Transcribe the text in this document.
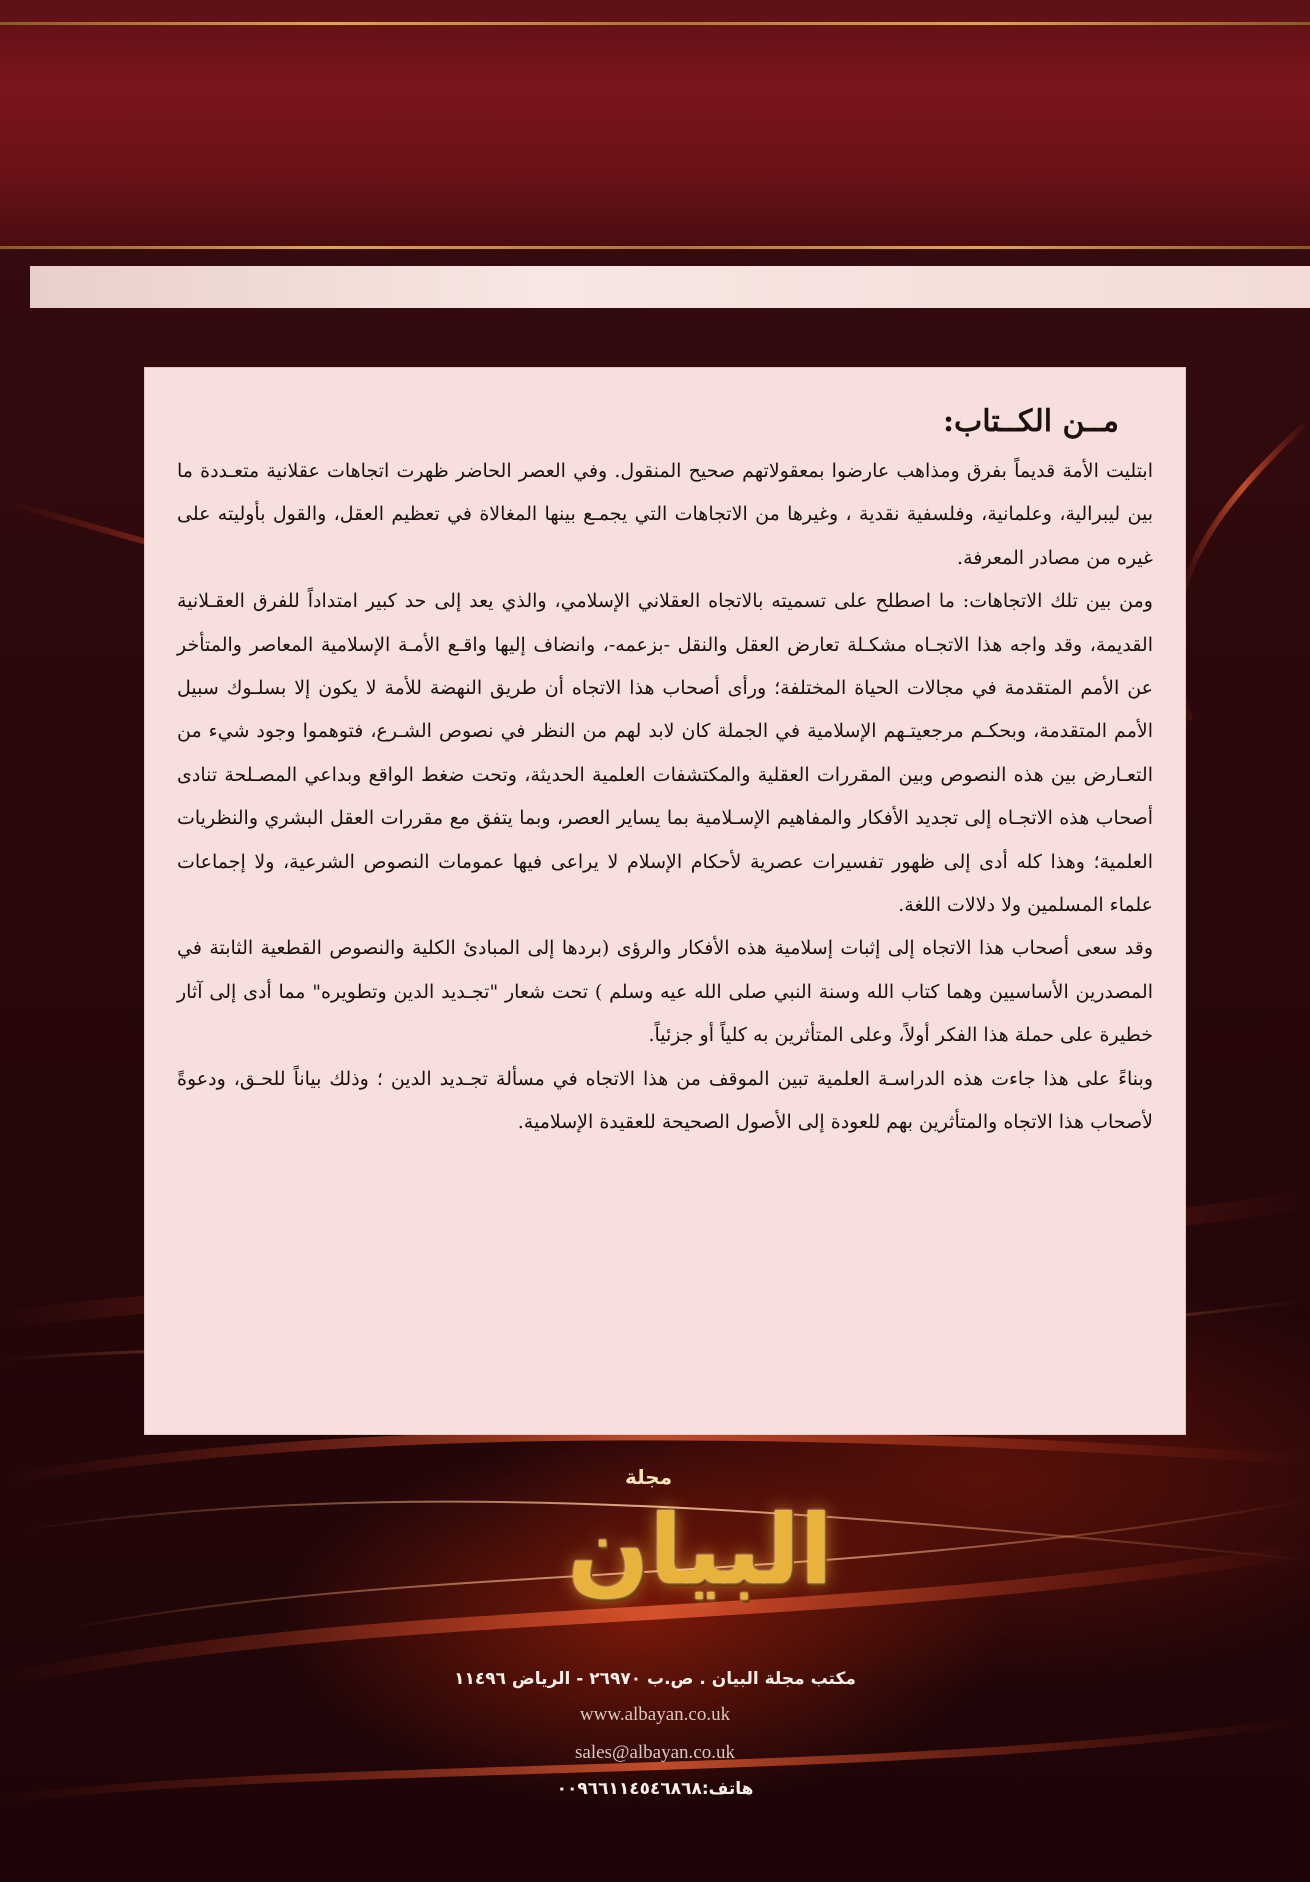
مــن الكــتاب:

ابتليت الأمة قديماً بفرق ومذاهب عارضوا بمعقولاتهم صحيح المنقول. وفي العصر الحاضر ظهرت اتجاهات عقلانية متعـددة ما بين ليبرالية، وعلمانية، وفلسفية نقدية ، وغيرها من الاتجاهات التي يجمـع بينها المغالاة في تعظيم العقل، والقول بأوليته على غيره من مصادر المعرفة.

ومن بين تلك الاتجاهات: ما اصطلح على تسميته بالاتجاه العقلاني الإسلامي، والذي يعد إلى حد كبير امتداداً للفرق العقـلانية القديمة، وقد واجه هذا الاتجـاه مشكـلة تعارض العقل والنقل -بزعمه-، وانضاف إليها واقـع الأمـة الإسلامية المعاصر والمتأخر عن الأمم المتقدمة في مجالات الحياة المختلفة؛ ورأى أصحاب هذا الاتجاه أن طريق النهضة للأمة لا يكون إلا بسلـوك سبيل الأمم المتقدمة، وبحكـم مرجعيتـهم الإسلامية في الجملة كان لابد لهم من النظر في نصوص الشـرع، فتوهموا وجود شيء من التعـارض بين هذه النصوص وبين المقررات العقلية والمكتشفات العلمية الحديثة، وتحت ضغط الواقع وبداعي المصـلحة تنادى أصحاب هذه الاتجـاه إلى تجديد الأفكار والمفاهيم الإسـلامية بما يساير العصر، وبما يتفق مع مقررات العقل البشري والنظريات العلمية؛ وهذا كله أدى إلى ظهور تفسيرات عصرية لأحكام الإسلام لا يراعى فيها عمومات النصوص الشرعية، ولا إجماعات علماء المسلمين ولا دلالات اللغة.

وقد سعى أصحاب هذا الاتجاه إلى إثبات إسلامية هذه الأفكار والرؤى (بردها إلى المبادئ الكلية والنصوص القطعية الثابتة في المصدرين الأساسيين وهما كتاب الله وسنة النبي صلى الله عيه وسلم ) تحت شعار "تجـديد الدين وتطويره" مما أدى إلى آثار خطيرة على حملة هذا الفكر أولاً، وعلى المتأثرين به كلياً أو جزئياً.

وبناءً على هذا جاءت هذه الدراسـة العلمية تبين الموقف من هذا الاتجاه في مسألة تجـديد الدين ؛ وذلك بياناً للحـق، ودعوةً لأصحاب هذا الاتجاه والمتأثرين بهم للعودة إلى الأصول الصحيحة للعقيدة الإسلامية.

مجلة
البيان
مكتب مجلة البيان . ص.ب ٢٦٩٧٠ - الرياض ١١٤٩٦
www.albayan.co.uk
sales@albayan.co.uk
هاتف:٠٠٩٦٦١١٤٥٤٦٨٦٨
